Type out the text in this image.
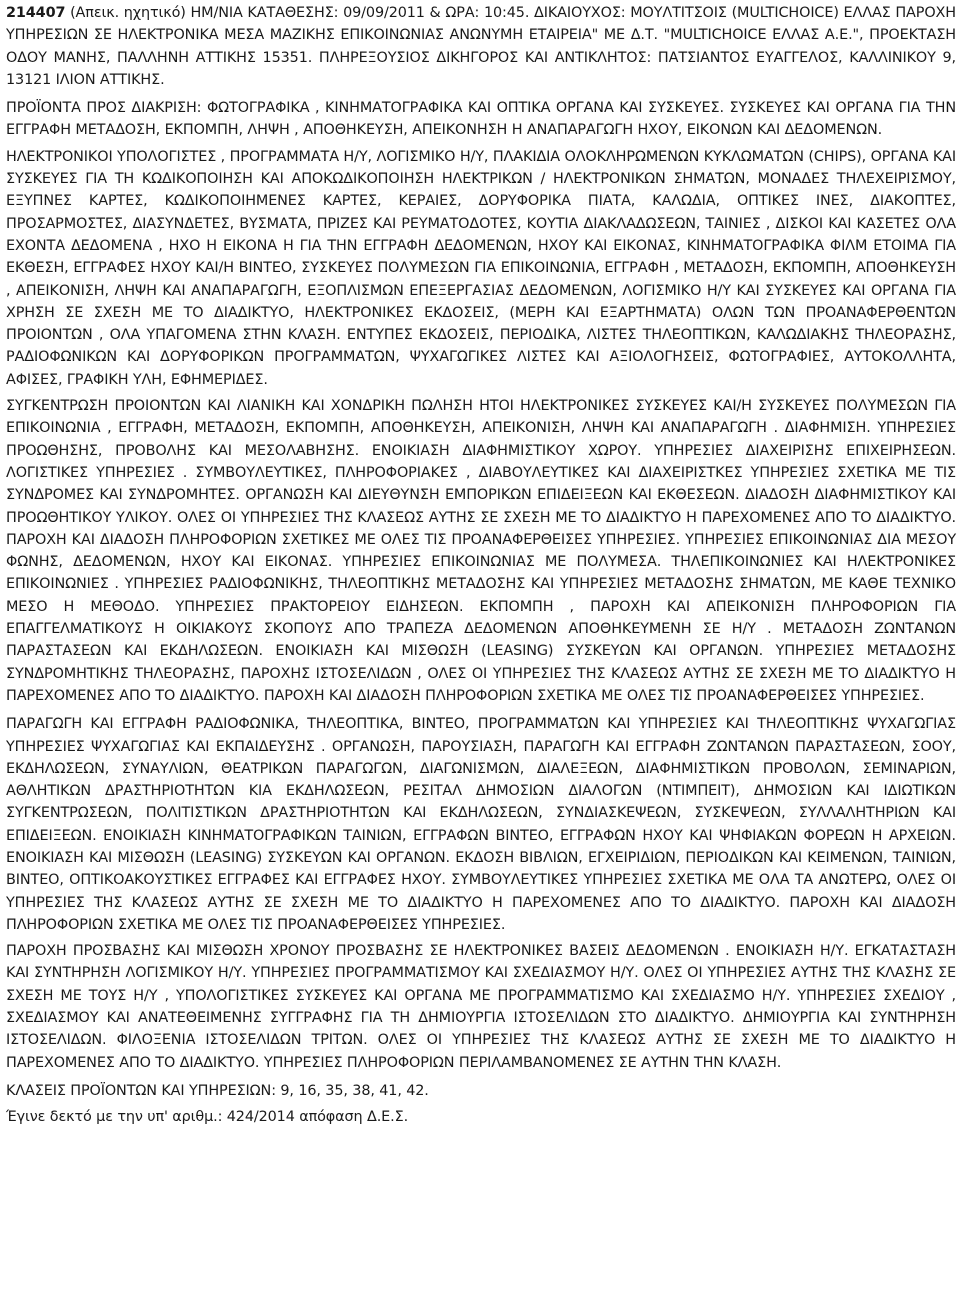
214407 (Απεικ. ηχητικό) ΗΜ/ΝΙΑ ΚΑΤΑΘΕΣΗΣ: 09/09/2011 & ΩΡΑ: 10:45. ΔΙΚΑΙΟΥΧΟΣ: ΜΟΥΛΤΙΤΣΟΙΣ (MULTICHOICE) ΕΛΛΑΣ ΠΑΡΟΧΗ ΥΠΗΡΕΣΙΩΝ ΣΕ ΗΛΕΚΤΡΟΝΙΚΑ ΜΕΣΑ ΜΑΖΙΚΗΣ ΕΠΙΚΟΙΝΩΝΙΑΣ ΑΝΩΝΥΜΗ ΕΤΑΙΡΕΙΑ" ΜΕ Δ.Τ. "MULTICHOICE ΕΛΛΑΣ Α.Ε.", ΠΡΟΕΚΤΑΣΗ ΟΔΟΥ ΜΑΝΗΣ, ΠΑΛΛΗΝΗ ΑΤΤΙΚΗΣ 15351. ΠΛΗΡΕΞΟΥΣΙΟΣ ΔΙΚΗΓΟΡΟΣ ΚΑΙ ΑΝΤΙΚΛΗΤΟΣ: ΠΑΤΣΙΑΝΤΟΣ ΕΥΑΓΓΕΛΟΣ, ΚΑΛΛΙΝΙΚΟΥ 9, 13121 ΙΛΙΟΝ ΑΤΤΙΚΗΣ.

ΠΡΟΪΟΝΤΑ ΠΡΟΣ ΔΙΑΚΡΙΣΗ: ΦΩΤΟΓΡΑΦΙΚΑ , ΚΙΝΗΜΑΤΟΓΡΑΦΙΚΑ ΚΑΙ ΟΠΤΙΚΑ ΟΡΓΑΝΑ ΚΑΙ ΣΥΣΚΕΥΕΣ. ΣΥΣΚΕΥΕΣ ΚΑΙ ΟΡΓΑΝΑ ΓΙΑ ΤΗΝ ΕΓΓΡΑΦΗ ΜΕΤΑΔΟΣΗ, ΕΚΠΟΜΠΗ, ΛΗΨΗ , ΑΠΟΘΗΚΕΥΣΗ, ΑΠΕΙΚΟΝΗΣΗ Η ΑΝΑΠΑΡΑΓΩΓΗ ΗΧΟΥ, ΕΙΚΟΝΩΝ ΚΑΙ ΔΕΔΟΜΕΝΩΝ.

ΗΛΕΚΤΡΟΝΙΚΟΙ ΥΠΟΛΟΓΙΣΤΕΣ , ΠΡΟΓΡΑΜΜΑΤΑ Η/Υ, ΛΟΓΙΣΜΙΚΟ Η/Υ, ΠΛΑΚΙΔΙΑ ΟΛΟΚΛΗΡΩΜΕΝΩΝ ΚΥΚΛΩΜΑΤΩΝ (CHIPS), ΟΡΓΑΝΑ ΚΑΙ ΣΥΣΚΕΥΕΣ ΓΙΑ ΤΗ ΚΩΔΙΚΟΠΟΙΗΣΗ ΚΑΙ ΑΠΟΚΩΔΙΚΟΠΟΙΗΣΗ ΗΛΕΚΤΡΙΚΩΝ / ΗΛΕΚΤΡΟΝΙΚΩΝ ΣΗΜΑΤΩΝ, ΜΟΝΑΔΕΣ ΤΗΛΕΧΕΙΡΙΣΜΟΥ, ΕΞΥΠΝΕΣ ΚΑΡΤΕΣ, ΚΩΔΙΚΟΠΟΙΗΜΕΝΕΣ ΚΑΡΤΕΣ, ΚΕΡΑΙΕΣ, ΔΟΡΥΦΟΡΙΚΑ ΠΙΑΤΑ, ΚΑΛΩΔΙΑ, ΟΠΤΙΚΕΣ ΙΝΕΣ, ΔΙΑΚΟΠΤΕΣ, ΠΡΟΣΑΡΜΟΣΤΕΣ, ΔΙΑΣΥΝΔΕΤΕΣ, ΒΥΣΜΑΤΑ, ΠΡΙΖΕΣ ΚΑΙ ΡΕΥΜΑΤΟΔΟΤΕΣ, ΚΟΥΤΙΑ ΔΙΑΚΛΑΔΩΣΕΩΝ, ΤΑΙΝΙΕΣ , ΔΙΣΚΟΙ ΚΑΙ ΚΑΣΕΤΕΣ ΟΛΑ ΕΧΟΝΤΑ ΔΕΔΟΜΕΝΑ , ΗΧΟ Η ΕΙΚΟΝΑ Η ΓΙΑ ΤΗΝ ΕΓΓΡΑΦΗ ΔΕΔΟΜΕΝΩΝ, ΗΧΟΥ ΚΑΙ ΕΙΚΟΝΑΣ, ΚΙΝΗΜΑΤΟΓΡΑΦΙΚΑ ΦΙΛΜ ΕΤΟΙΜΑ ΓΙΑ ΕΚΘΕΣΗ, ΕΓΓΡΑΦΕΣ ΗΧΟΥ ΚΑΙ/Η ΒΙΝΤΕΟ, ΣΥΣΚΕΥΕΣ ΠΟΛΥΜΕΣΩΝ ΓΙΑ ΕΠΙΚΟΙΝΩΝΙΑ, ΕΓΓΡΑΦΗ , ΜΕΤΑΔΟΣΗ, ΕΚΠΟΜΠΗ, ΑΠΟΘΗΚΕΥΣΗ , ΑΠΕΙΚΟΝΙΣΗ, ΛΗΨΗ ΚΑΙ ΑΝΑΠΑΡΑΓΩΓΗ, ΕΞΟΠΛΙΣΜΩΝ ΕΠΕΞΕΡΓΑΣΙΑΣ ΔΕΔΟΜΕΝΩΝ, ΛΟΓΙΣΜΙΚΟ Η/Υ ΚΑΙ ΣΥΣΚΕΥΕΣ ΚΑΙ ΟΡΓΑΝΑ ΓΙΑ ΧΡΗΣΗ ΣΕ ΣΧΕΣΗ ΜΕ ΤΟ ΔΙΑΔΙΚΤΥΟ, ΗΛΕΚΤΡΟΝΙΚΕΣ ΕΚΔΟΣΕΙΣ, (ΜΕΡΗ ΚΑΙ ΕΞΑΡΤΗΜΑΤΑ) ΟΛΩΝ ΤΩΝ ΠΡΟΑΝΑΦΕΡΘΕΝΤΩΝ ΠΡΟΙΟΝΤΩΝ , ΟΛΑ ΥΠΑΓΟΜΕΝΑ ΣΤΗΝ ΚΛΑΣΗ. ΕΝΤΥΠΕΣ ΕΚΔΟΣΕΙΣ, ΠΕΡΙΟΔΙΚΑ, ΛΙΣΤΕΣ ΤΗΛΕΟΠΤΙΚΩΝ, ΚΑΛΩΔΙΑΚΗΣ ΤΗΛΕΟΡΑΣΗΣ, ΡΑΔΙΟΦΩΝΙΚΩΝ ΚΑΙ ΔΟΡΥΦΟΡΙΚΩΝ ΠΡΟΓΡΑΜΜΑΤΩΝ, ΨΥΧΑΓΩΓΙΚΕΣ ΛΙΣΤΕΣ ΚΑΙ ΑΞΙΟΛΟΓΗΣΕΙΣ, ΦΩΤΟΓΡΑΦΙΕΣ, ΑΥΤΟΚΟΛΛΗΤΑ, ΑΦΙΣΕΣ, ΓΡΑΦΙΚΗ ΥΛΗ, ΕΦΗΜΕΡΙΔΕΣ.

ΣΥΓΚΕΝΤΡΩΣΗ ΠΡΟΙΟΝΤΩΝ ΚΑΙ ΛΙΑΝΙΚΗ ΚΑΙ ΧΟΝΔΡΙΚΗ ΠΩΛΗΣΗ ΗΤΟΙ ΗΛΕΚΤΡΟΝΙΚΕΣ ΣΥΣΚΕΥΕΣ ΚΑΙ/Η ΣΥΣΚΕΥΕΣ ΠΟΛΥΜΕΣΩΝ ΓΙΑ ΕΠΙΚΟΙΝΩΝΙΑ , ΕΓΓΡΑΦΗ, ΜΕΤΑΔΟΣΗ, ΕΚΠΟΜΠΗ, ΑΠΟΘΗΚΕΥΣΗ, ΑΠΕΙΚΟΝΙΣΗ, ΛΗΨΗ ΚΑΙ ΑΝΑΠΑΡΑΓΩΓΗ . ΔΙΑΦΗΜΙΣΗ. ΥΠΗΡΕΣΙΕΣ ΠΡΟΩΘΗΣΗΣ, ΠΡΟΒΟΛΗΣ ΚΑΙ ΜΕΣΟΛΑΒΗΣΗΣ. ΕΝΟΙΚΙΑΣΗ ΔΙΑΦΗΜΙΣΤΙΚΟΥ ΧΩΡΟΥ. ΥΠΗΡΕΣΙΕΣ ΔΙΑΧΕΙΡΙΣΗΣ ΕΠΙΧΕΙΡΗΣΕΩΝ. ΛΟΓΙΣΤΙΚΕΣ ΥΠΗΡΕΣΙΕΣ . ΣΥΜΒΟΥΛΕΥΤΙΚΕΣ, ΠΛΗΡΟΦΟΡΙΑΚΕΣ , ΔΙΑΒΟΥΛΕΥΤΙΚΕΣ ΚΑΙ ΔΙΑΧΕΙΡΙΣΤΚΕΣ ΥΠΗΡΕΣΙΕΣ ΣΧΕΤΙΚΑ ΜΕ ΤΙΣ ΣΥΝΔΡΟΜΕΣ ΚΑΙ ΣΥΝΔΡΟΜΗΤΕΣ. ΟΡΓΑΝΩΣΗ ΚΑΙ ΔΙΕΥΘΥΝΣΗ ΕΜΠΟΡΙΚΩΝ ΕΠΙΔΕΙΞΕΩΝ ΚΑΙ ΕΚΘΕΣΕΩΝ. ΔΙΑΔΟΣΗ ΔΙΑΦΗΜΙΣΤΙΚΟΥ ΚΑΙ ΠΡΟΩΘΗΤΙΚΟΥ ΥΛΙΚΟΥ. ΟΛΕΣ ΟΙ ΥΠΗΡΕΣΙΕΣ ΤΗΣ ΚΛΑΣΕΩΣ ΑΥΤΗΣ ΣΕ ΣΧΕΣΗ ΜΕ ΤΟ ΔΙΑΔΙΚΤΥΟ Η ΠΑΡΕΧΟΜΕΝΕΣ ΑΠΟ ΤΟ ΔΙΑΔΙΚΤΥΟ. ΠΑΡΟΧΗ ΚΑΙ ΔΙΑΔΟΣΗ ΠΛΗΡΟΦΟΡΙΩΝ ΣΧΕΤΙΚΕΣ ΜΕ ΟΛΕΣ ΤΙΣ ΠΡΟΑΝΑΦΕΡΘΕΙΣΕΣ ΥΠΗΡΕΣΙΕΣ. ΥΠΗΡΕΣΙΕΣ ΕΠΙΚΟΙΝΩΝΙΑΣ ΔΙΑ ΜΕΣΟΥ ΦΩΝΗΣ, ΔΕΔΟΜΕΝΩΝ, ΗΧΟΥ ΚΑΙ ΕΙΚΟΝΑΣ. ΥΠΗΡΕΣΙΕΣ ΕΠΙΚΟΙΝΩΝΙΑΣ ΜΕ ΠΟΛΥΜΕΣΑ. ΤΗΛΕΠΙΚΟΙΝΩΝΙΕΣ ΚΑΙ ΗΛΕΚΤΡΟΝΙΚΕΣ ΕΠΙΚΟΙΝΩΝΙΕΣ . ΥΠΗΡΕΣΙΕΣ ΡΑΔΙΟΦΩΝΙΚΗΣ, ΤΗΛΕΟΠΤΙΚΗΣ ΜΕΤΑΔΟΣΗΣ ΚΑΙ ΥΠΗΡΕΣΙΕΣ ΜΕΤΑΔΟΣΗΣ ΣΗΜΑΤΩΝ, ΜΕ ΚΑΘΕ ΤΕΧΝΙΚΟ ΜΕΣΟ Η ΜΕΘΟΔΟ. ΥΠΗΡΕΣΙΕΣ ΠΡΑΚΤΟΡΕΙΟΥ ΕΙΔΗΣΕΩΝ. ΕΚΠΟΜΠΗ , ΠΑΡΟΧΗ ΚΑΙ ΑΠΕΙΚΟΝΙΣΗ ΠΛΗΡΟΦΟΡΙΩΝ ΓΙΑ ΕΠΑΓΓΕΛΜΑΤΙΚΟΥΣ Η ΟΙΚΙΑΚΟΥΣ ΣΚΟΠΟΥΣ ΑΠΟ ΤΡΑΠΕΖΑ ΔΕΔΟΜΕΝΩΝ ΑΠΟΘΗΚΕΥΜΕΝΗ ΣΕ Η/Υ . ΜΕΤΑΔΟΣΗ ΖΩΝΤΑΝΩΝ ΠΑΡΑΣΤΑΣΕΩΝ ΚΑΙ ΕΚΔΗΛΩΣΕΩΝ. ΕΝΟΙΚΙΑΣΗ ΚΑΙ ΜΙΣΘΩΣΗ (LEASING) ΣΥΣΚΕΥΩΝ ΚΑΙ ΟΡΓΑΝΩΝ. ΥΠΗΡΕΣΙΕΣ ΜΕΤΑΔΟΣΗΣ ΣΥΝΔΡΟΜΗΤΙΚΗΣ ΤΗΛΕΟΡΑΣΗΣ, ΠΑΡΟΧΗΣ ΙΣΤΟΣΕΛΙΔΩΝ , ΟΛΕΣ ΟΙ ΥΠΗΡΕΣΙΕΣ ΤΗΣ ΚΛΑΣΕΩΣ ΑΥΤΗΣ ΣΕ ΣΧΕΣΗ ΜΕ ΤΟ ΔΙΑΔΙΚΤΥΟ Η ΠΑΡΕΧΟΜΕΝΕΣ ΑΠΟ ΤΟ ΔΙΑΔΙΚΤΥΟ. ΠΑΡΟΧΗ ΚΑΙ ΔΙΑΔΟΣΗ ΠΛΗΡΟΦΟΡΙΩΝ ΣΧΕΤΙΚΑ ΜΕ ΟΛΕΣ ΤΙΣ ΠΡΟΑΝΑΦΕΡΘΕΙΣΕΣ ΥΠΗΡΕΣΙΕΣ.

ΠΑΡΑΓΩΓΗ ΚΑΙ ΕΓΓΡΑΦΗ ΡΑΔΙΟΦΩΝΙΚΑ, ΤΗΛΕΟΠΤΙΚΑ, ΒΙΝΤΕΟ, ΠΡΟΓΡΑΜΜΑΤΩΝ ΚΑΙ ΥΠΗΡΕΣΙΕΣ ΚΑΙ ΤΗΛΕΟΠΤΙΚΗΣ ΨΥΧΑΓΩΓΙΑΣ ΥΠΗΡΕΣΙΕΣ ΨΥΧΑΓΩΓΙΑΣ ΚΑΙ ΕΚΠΑΙΔΕΥΣΗΣ . ΟΡΓΑΝΩΣΗ, ΠΑΡΟΥΣΙΑΣΗ, ΠΑΡΑΓΩΓΗ ΚΑΙ ΕΓΓΡΑΦΗ ΖΩΝΤΑΝΩΝ ΠΑΡΑΣΤΑΣΕΩΝ, ΣΟΟΥ, ΕΚΔΗΛΩΣΕΩΝ, ΣΥΝΑΥΛΙΩΝ, ΘΕΑΤΡΙΚΩΝ ΠΑΡΑΓΩΓΩΝ, ΔΙΑΓΩΝΙΣΜΩΝ, ΔΙΑΛΕΞΕΩΝ, ΔΙΑΦΗΜΙΣΤΙΚΩΝ ΠΡΟΒΟΛΩΝ, ΣΕΜΙΝΑΡΙΩΝ, ΑΘΛΗΤΙΚΩΝ ΔΡΑΣΤΗΡΙΟΤΗΤΩΝ ΚΙΑ ΕΚΔΗΛΩΣΕΩΝ, ΡΕΣΙΤΑΛ ΔΗΜΟΣΙΩΝ ΔΙΑΛΟΓΩΝ (ΝΤΙΜΠΕΙΤ), ΔΗΜΟΣΙΩΝ ΚΑΙ ΙΔΙΩΤΙΚΩΝ ΣΥΓΚΕΝΤΡΩΣΕΩΝ, ΠΟΛΙΤΙΣΤΙΚΩΝ ΔΡΑΣΤΗΡΙΟΤΗΤΩΝ ΚΑΙ ΕΚΔΗΛΩΣΕΩΝ, ΣΥΝΔΙΑΣΚΕΨΕΩΝ, ΣΥΣΚΕΨΕΩΝ, ΣΥΛΛΑΛΗΤΗΡΙΩΝ ΚΑΙ ΕΠΙΔΕΙΞΕΩΝ. ΕΝΟΙΚΙΑΣΗ ΚΙΝΗΜΑΤΟΓΡΑΦΙΚΩΝ ΤΑΙΝΙΩΝ, ΕΓΓΡΑΦΩΝ ΒΙΝΤΕΟ, ΕΓΓΡΑΦΩΝ ΗΧΟΥ ΚΑΙ ΨΗΦΙΑΚΩΝ ΦΟΡΕΩΝ Η ΑΡΧΕΙΩΝ. ΕΝΟΙΚΙΑΣΗ ΚΑΙ ΜΙΣΘΩΣΗ (LEASING) ΣΥΣΚΕΥΩΝ ΚΑΙ ΟΡΓΑΝΩΝ. ΕΚΔΟΣΗ ΒΙΒΛΙΩΝ, ΕΓΧΕΙΡΙΔΙΩΝ, ΠΕΡΙΟΔΙΚΩΝ ΚΑΙ ΚΕΙΜΕΝΩΝ, ΤΑΙΝΙΩΝ, ΒΙΝΤΕΟ, ΟΠΤΙΚΟΑΚΟΥΣΤΙΚΕΣ ΕΓΓΡΑΦΕΣ ΚΑΙ ΕΓΓΡΑΦΕΣ ΗΧΟΥ. ΣΥΜΒΟΥΛΕΥΤΙΚΕΣ ΥΠΗΡΕΣΙΕΣ ΣΧΕΤΙΚΑ ΜΕ ΟΛΑ ΤΑ ΑΝΩΤΕΡΩ, ΟΛΕΣ ΟΙ ΥΠΗΡΕΣΙΕΣ ΤΗΣ ΚΛΑΣΕΩΣ ΑΥΤΗΣ ΣΕ ΣΧΕΣΗ ΜΕ ΤΟ ΔΙΑΔΙΚΤΥΟ Η ΠΑΡΕΧΟΜΕΝΕΣ ΑΠΟ ΤΟ ΔΙΑΔΙΚΤΥΟ. ΠΑΡΟΧΗ ΚΑΙ ΔΙΑΔΟΣΗ ΠΛΗΡΟΦΟΡΙΩΝ ΣΧΕΤΙΚΑ ΜΕ ΟΛΕΣ ΤΙΣ ΠΡΟΑΝΑΦΕΡΘΕΙΣΕΣ ΥΠΗΡΕΣΙΕΣ.

ΠΑΡΟΧΗ ΠΡΟΣΒΑΣΗΣ ΚΑΙ ΜΙΣΘΩΣΗ ΧΡΟΝΟΥ ΠΡΟΣΒΑΣΗΣ ΣΕ ΗΛΕΚΤΡΟΝΙΚΕΣ ΒΑΣΕΙΣ ΔΕΔΟΜΕΝΩΝ . ΕΝΟΙΚΙΑΣΗ Η/Υ. ΕΓΚΑΤΑΣΤΑΣΗ ΚΑΙ ΣΥΝΤΗΡΗΣΗ ΛΟΓΙΣΜΙΚΟΥ Η/Υ. ΥΠΗΡΕΣΙΕΣ ΠΡΟΓΡΑΜΜΑΤΙΣΜΟΥ ΚΑΙ ΣΧΕΔΙΑΣΜΟΥ Η/Υ. ΟΛΕΣ ΟΙ ΥΠΗΡΕΣΙΕΣ ΑΥΤΗΣ ΤΗΣ ΚΛΑΣΗΣ ΣΕ ΣΧΕΣΗ ΜΕ ΤΟΥΣ Η/Υ , ΥΠΟΛΟΓΙΣΤΙΚΕΣ ΣΥΣΚΕΥΕΣ ΚΑΙ ΟΡΓΑΝΑ ΜΕ ΠΡΟΓΡΑΜΜΑΤΙΣΜΟ ΚΑΙ ΣΧΕΔΙΑΣΜΟ Η/Υ. ΥΠΗΡΕΣΙΕΣ ΣΧΕΔΙΟΥ , ΣΧΕΔΙΑΣΜΟΥ ΚΑΙ ΑΝΑΤΕΘΕΙΜΕΝΗΣ ΣΥΓΓΡΑΦΗΣ ΓΙΑ ΤΗ ΔΗΜΙΟΥΡΓΙΑ ΙΣΤΟΣΕΛΙΔΩΝ ΣΤΟ ΔΙΑΔΙΚΤΥΟ. ΔΗΜΙΟΥΡΓΙΑ ΚΑΙ ΣΥΝΤΗΡΗΣΗ ΙΣΤΟΣΕΛΙΔΩΝ. ΦΙΛΟΞΕΝΙΑ ΙΣΤΟΣΕΛΙΔΩΝ ΤΡΙΤΩΝ. ΟΛΕΣ ΟΙ ΥΠΗΡΕΣΙΕΣ ΤΗΣ ΚΛΑΣΕΩΣ ΑΥΤΗΣ ΣΕ ΣΧΕΣΗ ΜΕ ΤΟ ΔΙΑΔΙΚΤΥΟ Η ΠΑΡΕΧΟΜΕΝΕΣ ΑΠΟ ΤΟ ΔΙΑΔΙΚΤΥΟ. ΥΠΗΡΕΣΙΕΣ ΠΛΗΡΟΦΟΡΙΩΝ ΠΕΡΙΛΑΜΒΑΝΟΜΕΝΕΣ ΣΕ ΑΥΤΗΝ ΤΗΝ ΚΛΑΣΗ.

ΚΛΑΣΕΙΣ ΠΡΟΪΟΝΤΩΝ ΚΑΙ ΥΠΗΡΕΣΙΩΝ: 9, 16, 35, 38, 41, 42.

Έγινε δεκτό με την υπ' αριθμ.: 424/2014 απόφαση Δ.Ε.Σ.
